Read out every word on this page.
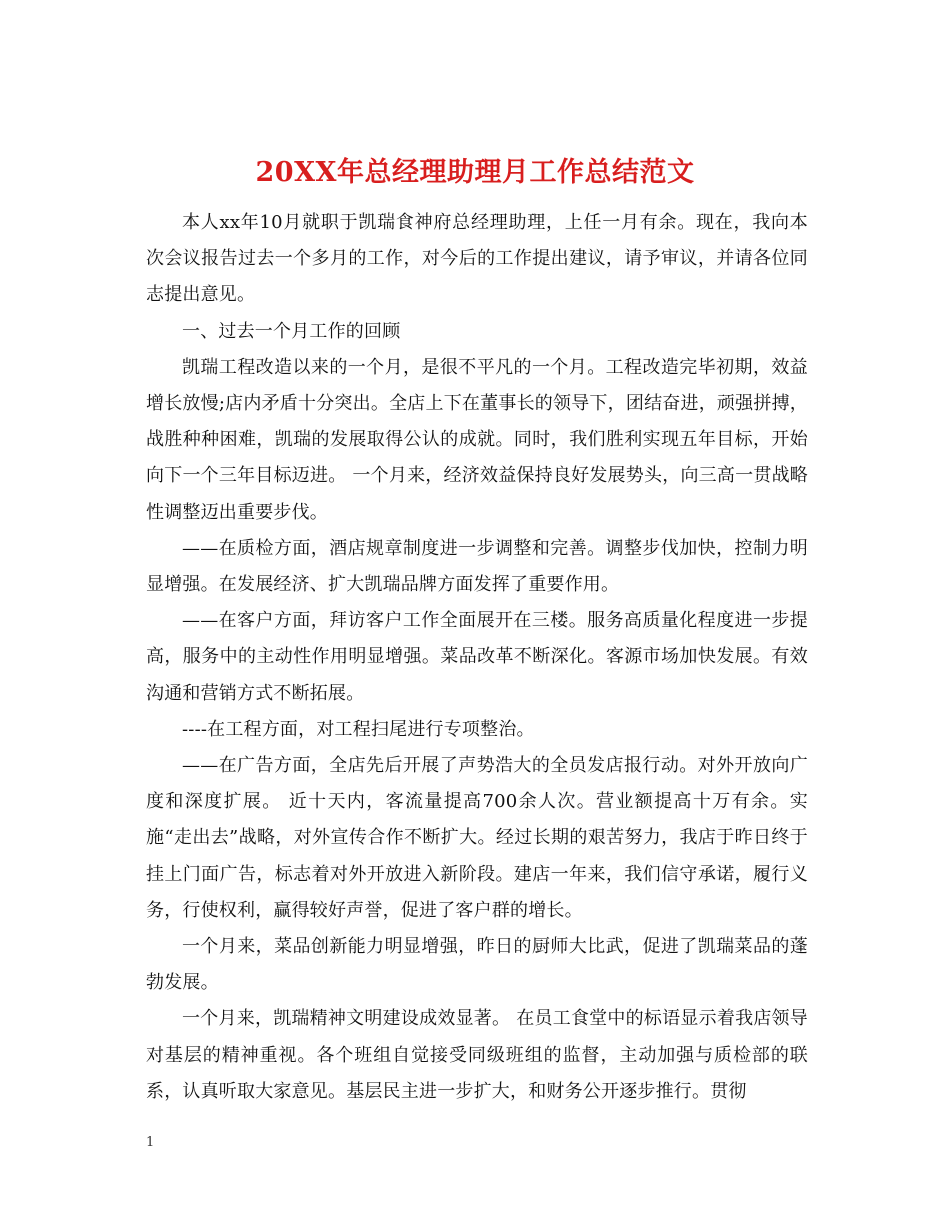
20XX年总经理助理月工作总结范文

本人xx年10月就职于凯瑞食神府总经理助理，上任一月有余。现在，我向本次会议报告过去一个多月的工作，对今后的工作提出建议，请予审议，并请各位同志提出意见。

一、过去一个月工作的回顾

凯瑞工程改造以来的一个月，是很不平凡的一个月。工程改造完毕初期，效益增长放慢;店内矛盾十分突出。全店上下在董事长的领导下，团结奋进，顽强拼搏，战胜种种困难，凯瑞的发展取得公认的成就。同时，我们胜利实现五年目标，开始向下一个三年目标迈进。 一个月来，经济效益保持良好发展势头，向三高一贯战略性调整迈出重要步伐。

——在质检方面，酒店规章制度进一步调整和完善。调整步伐加快，控制力明显增强。在发展经济、扩大凯瑞品牌方面发挥了重要作用。

——在客户方面，拜访客户工作全面展开在三楼。服务高质量化程度进一步提高，服务中的主动性作用明显增强。菜品改革不断深化。客源市场加快发展。有效沟通和营销方式不断拓展。

----在工程方面，对工程扫尾进行专项整治。

——在广告方面，全店先后开展了声势浩大的全员发店报行动。对外开放向广度和深度扩展。 近十天内，客流量提高700余人次。营业额提高十万有余。实施“走出去”战略，对外宣传合作不断扩大。经过长期的艰苦努力，我店于昨日终于挂上门面广告，标志着对外开放进入新阶段。建店一年来，我们信守承诺，履行义务，行使权利，赢得较好声誉，促进了客户群的增长。

一个月来，菜品创新能力明显增强，昨日的厨师大比武，促进了凯瑞菜品的蓬勃发展。

一个月来，凯瑞精神文明建设成效显著。 在员工食堂中的标语显示着我店领导对基层的精神重视。各个班组自觉接受同级班组的监督，主动加强与质检部的联系，认真听取大家意见。基层民主进一步扩大，和财务公开逐步推行。贯彻

1
